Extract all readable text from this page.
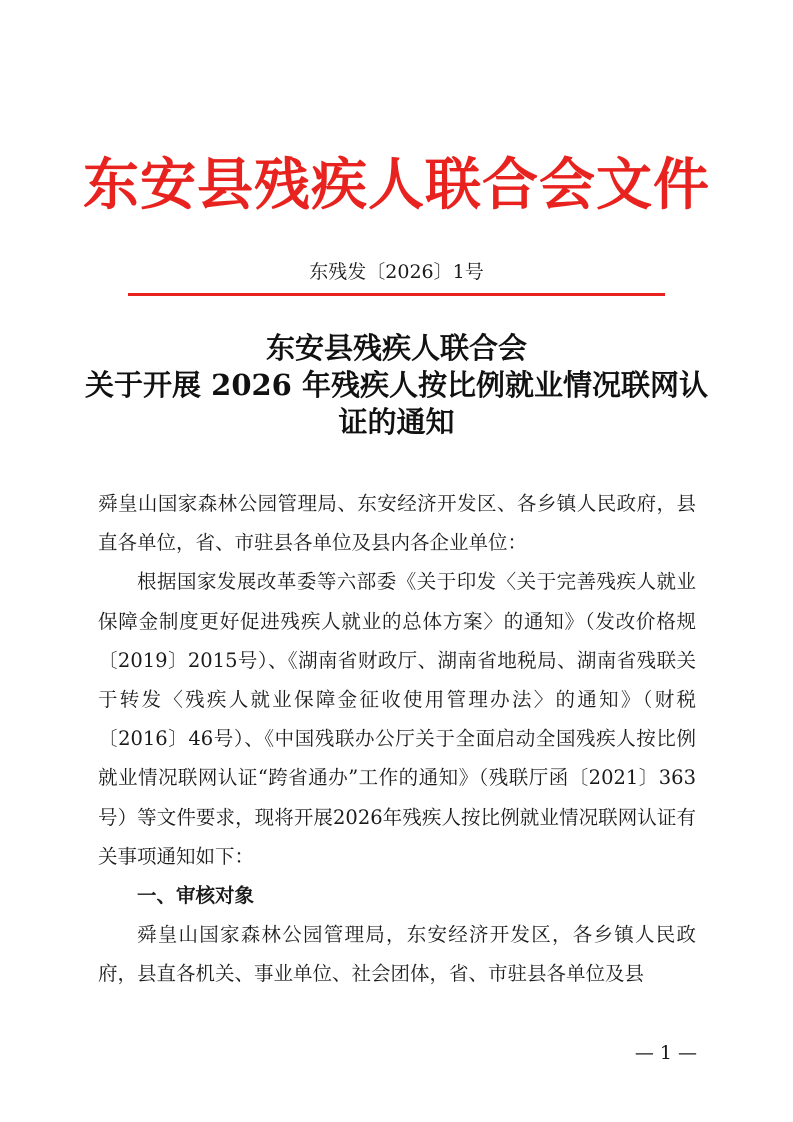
东安县残疾人联合会文件
东残发〔2026〕1号
东安县残疾人联合会
关于开展 2026 年残疾人按比例就业情况联网认
证的通知

舜皇山国家森林公园管理局、东安经济开发区、各乡镇人民政府，县直各单位，省、市驻县各单位及县内各企业单位：

根据国家发展改革委等六部委《关于印发〈关于完善残疾人就业保障金制度更好促进残疾人就业的总体方案〉的通知》（发改价格规〔2019〕2015号）、《湖南省财政厅、湖南省地税局、湖南省残联关于转发〈残疾人就业保障金征收使用管理办法〉的通知》（财税〔2016〕46号）、《中国残联办公厅关于全面启动全国残疾人按比例就业情况联网认证“跨省通办”工作的通知》（残联厅函〔2021〕363号）等文件要求，现将开展2026年残疾人按比例就业情况联网认证有关事项通知如下：

一、审核对象

舜皇山国家森林公园管理局，东安经济开发区，各乡镇人民政府，县直各机关、事业单位、社会团体，省、市驻县各单位及县

— 1 —
